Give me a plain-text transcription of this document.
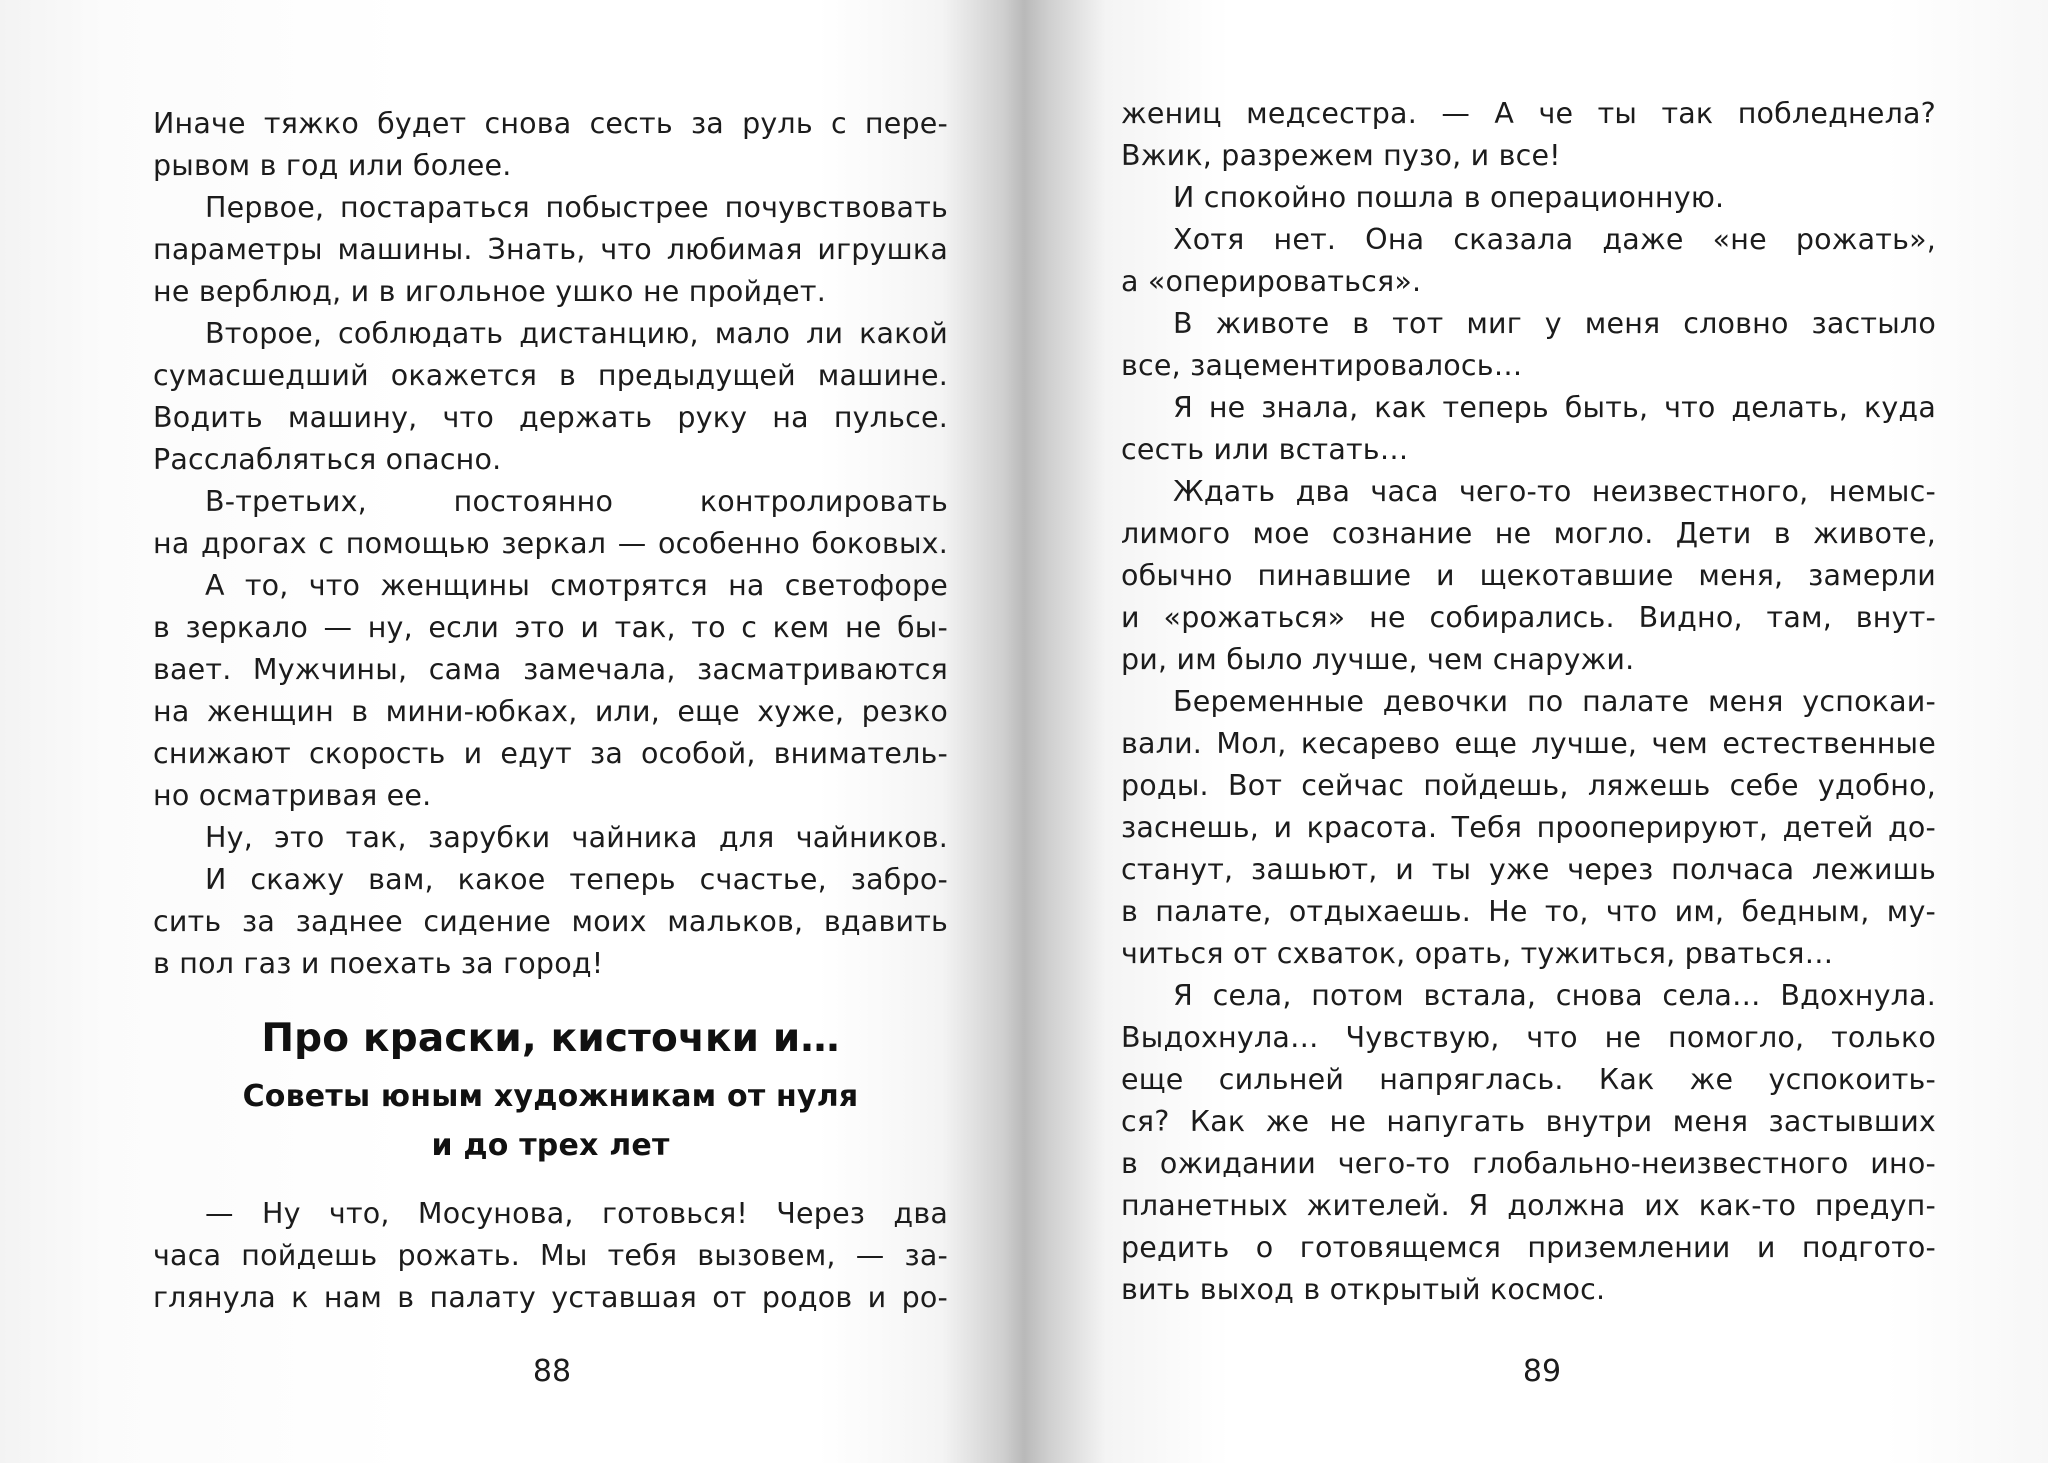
Иначе тяжко будет снова сесть за руль с пере-
рывом в год или более.
Первое, постараться побыстрее почувствовать
параметры машины. Знать, что любимая игрушка
не верблюд, и в игольное ушко не пройдет.
Второе, соблюдать дистанцию, мало ли какой
сумасшедший окажется в предыдущей машине.
Водить машину, что держать руку на пульсе.
Расслабляться опасно.
В-третьих, постоянно контролировать
на дрогах с помощью зеркал — особенно боковых.
А то, что женщины смотрятся на светофоре
в зеркало — ну, если это и так, то с кем не бы-
вает. Мужчины, сама замечала, засматриваются
на женщин в мини-юбках, или, еще хуже, резко
снижают скорость и едут за особой, вниматель-
но осматривая ее.
Ну, это так, зарубки чайника для чайников.
И скажу вам, какое теперь счастье, забро-
сить за заднее сидение моих мальков, вдавить
в пол газ и поехать за город!
Про краски, кисточки и…
Советы юным художникам от нуля
и до трех лет
— Ну что, Мосунова, готовься! Через два
часа пойдешь рожать. Мы тебя вызовем, — за-
глянула к нам в палату уставшая от родов и ро-
88
жениц медсестра. — А че ты так побледнела?
Вжик, разрежем пузо, и все!
И спокойно пошла в операционную.
Хотя нет. Она сказала даже «не рожать»,
а «оперироваться».
В животе в тот миг у меня словно застыло
все, зацементировалось…
Я не знала, как теперь быть, что делать, куда
сесть или встать…
Ждать два часа чего-то неизвестного, немыс-
лимого мое сознание не могло. Дети в животе,
обычно пинавшие и щекотавшие меня, замерли
и «рожаться» не собирались. Видно, там, внут-
ри, им было лучше, чем снаружи.
Беременные девочки по палате меня успокаи-
вали. Мол, кесарево еще лучше, чем естественные
роды. Вот сейчас пойдешь, ляжешь себе удобно,
заснешь, и красота. Тебя прооперируют, детей до-
станут, зашьют, и ты уже через полчаса лежишь
в палате, отдыхаешь. Не то, что им, бедным, му-
читься от схваток, орать, тужиться, рваться…
Я села, потом встала, снова села… Вдохнула.
Выдохнула… Чувствую, что не помогло, только
еще сильней напряглась. Как же успокоить-
ся? Как же не напугать внутри меня застывших
в ожидании чего-то глобально-неизвестного ино-
планетных жителей. Я должна их как-то предуп-
редить о готовящемся приземлении и подгото-
вить выход в открытый космос.
89
